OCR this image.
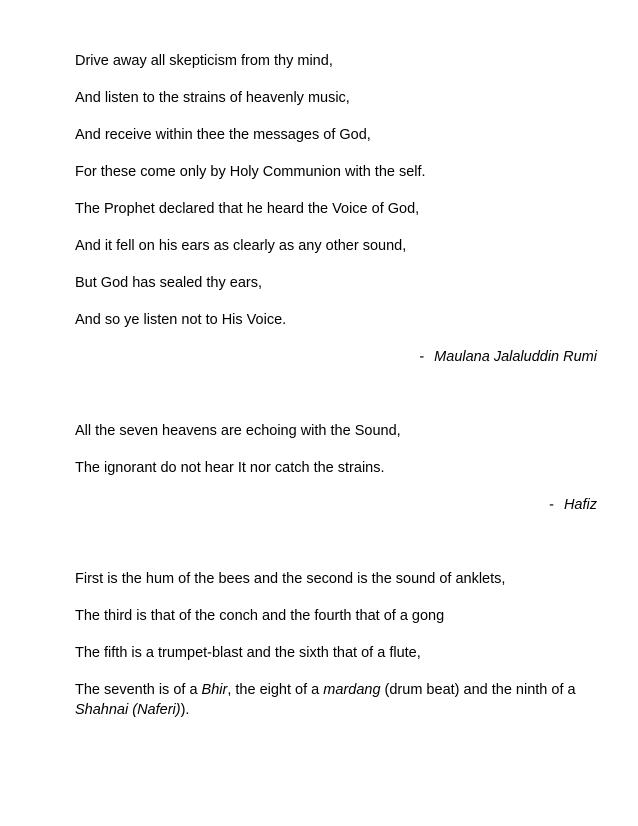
Drive away all skepticism from thy mind,

And listen to the strains of heavenly music,

And receive within thee the messages of God,

For these come only by Holy Communion with the self.

The Prophet declared that he heard the Voice of God,

And it fell on his ears as clearly as any other sound,

But God has sealed thy ears,

And so ye listen not to His Voice.

- Maulana Jalaluddin Rumi

All the seven heavens are echoing with the Sound,

The ignorant do not hear It nor catch the strains.

- Hafiz

First is the hum of the bees and the second is the sound of anklets,

The third is that of the conch and the fourth that of a gong

The fifth is a trumpet-blast and the sixth that of a flute,

The seventh is of a Bhir, the eight of a mardang (drum beat) and the ninth of a Shahnai (Naferi)).
